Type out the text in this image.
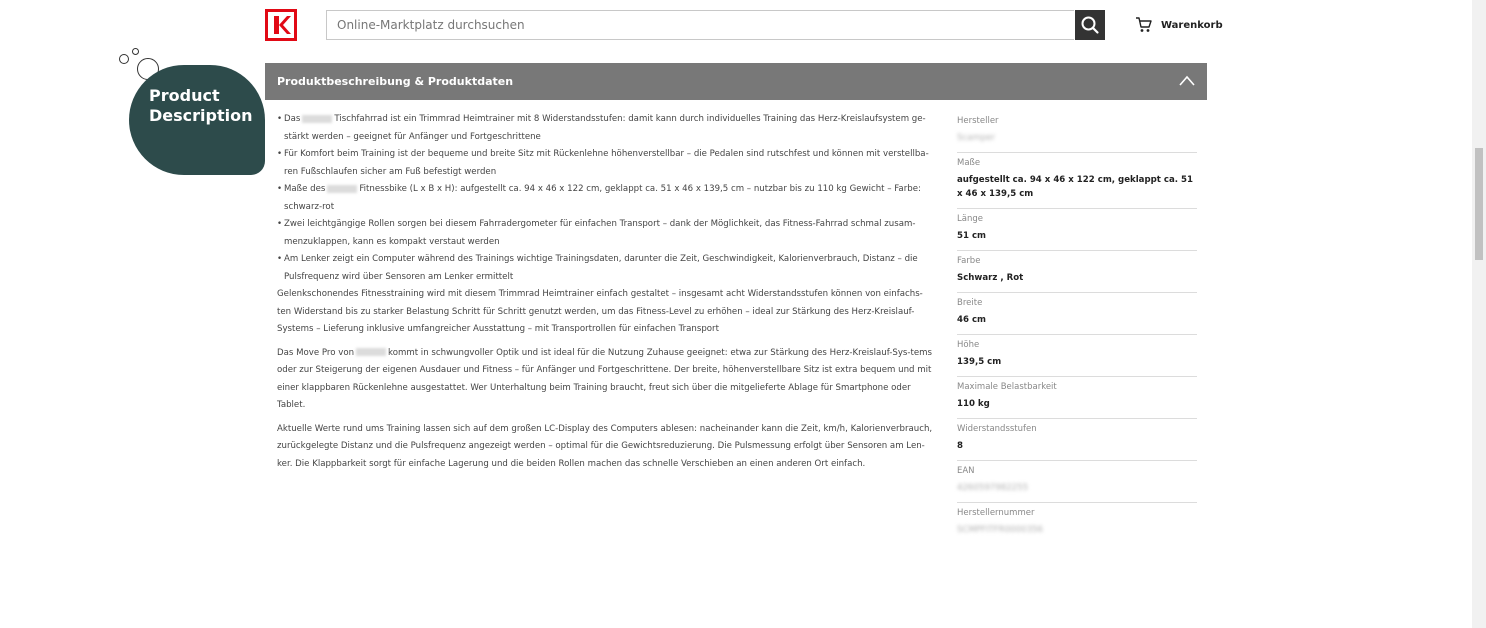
Online-Marktplatz durchsuchen
Warenkorb
Product
Description
Produktbeschreibung & Produktdaten
• Das	Tischfahrrad ist ein Trimmrad Heimtrainer mit 8 Widerstandsstufen: damit kann durch individuelles Training das Herz-Kreislaufsystem ge-stärkt werden – geeignet für Anfänger und Fortgeschrittene
• Für Komfort beim Training ist der bequeme und breite Sitz mit Rückenlehne höhenverstellbar – die Pedalen sind rutschfest und können mit verstellba-ren Fußschlaufen sicher am Fuß befestigt werden
• Maße des	Fitnessbike (L x B x H): aufgestellt ca. 94 x 46 x 122 cm, geklappt ca. 51 x 46 x 139,5 cm – nutzbar bis zu 110 kg Gewicht – Farbe: schwarz-rot
• Zwei leichtgängige Rollen sorgen bei diesem Fahrradergometer für einfachen Transport – dank der Möglichkeit, das Fitness-Fahrrad schmal zusam-menzuklappen, kann es kompakt verstaut werden
• Am Lenker zeigt ein Computer während des Trainings wichtige Trainingsdaten, darunter die Zeit, Geschwindigkeit, Kalorienverbrauch, Distanz – die Pulsfrequenz wird über Sensoren am Lenker ermittelt

Gelenkschonendes Fitnesstraining wird mit diesem Trimmrad Heimtrainer einfach gestaltet – insgesamt acht Widerstandsstufen können von einfachs-ten Widerstand bis zu starker Belastung Schritt für Schritt genutzt werden, um das Fitness-Level zu erhöhen – ideal zur Stärkung des Herz-Kreislauf-Systems – Lieferung inklusive umfangreicher Ausstattung – mit Transportrollen für einfachen Transport

Das Move Pro von	kommt in schwungvoller Optik und ist ideal für die Nutzung Zuhause geeignet: etwa zur Stärkung des Herz-Kreislauf-Sys-tems oder zur Steigerung der eigenen Ausdauer und Fitness – für Anfänger und Fortgeschrittene. Der breite, höhenverstellbare Sitz ist extra bequem und mit einer klappbaren Rückenlehne ausgestattet. Wer Unterhaltung beim Training braucht, freut sich über die mitgelieferte Ablage für Smartphone oder Tablet.

Aktuelle Werte rund ums Training lassen sich auf dem großen LC-Display des Computers ablesen: nacheinander kann die Zeit, km/h, Kalorienverbrauch, zurückgelegte Distanz und die Pulsfrequenz angezeigt werden – optimal für die Gewichtsreduzierung. Die Pulsmessung erfolgt über Sensoren am Len-ker. Die Klappbarkeit sorgt für einfache Lagerung und die beiden Rollen machen das schnelle Verschieben an einen anderen Ort einfach.

Hersteller
Scamper
Maße
aufgestellt ca. 94 x 46 x 122 cm, geklappt ca. 51 x 46 x 139,5 cm
Länge
51 cm
Farbe
Schwarz , Rot
Breite
46 cm
Höhe
139,5 cm
Maximale Belastbarkeit
110 kg
Widerstandsstufen
8
EAN
4260597982255
Herstellernummer
SCMPFITFR0000356
